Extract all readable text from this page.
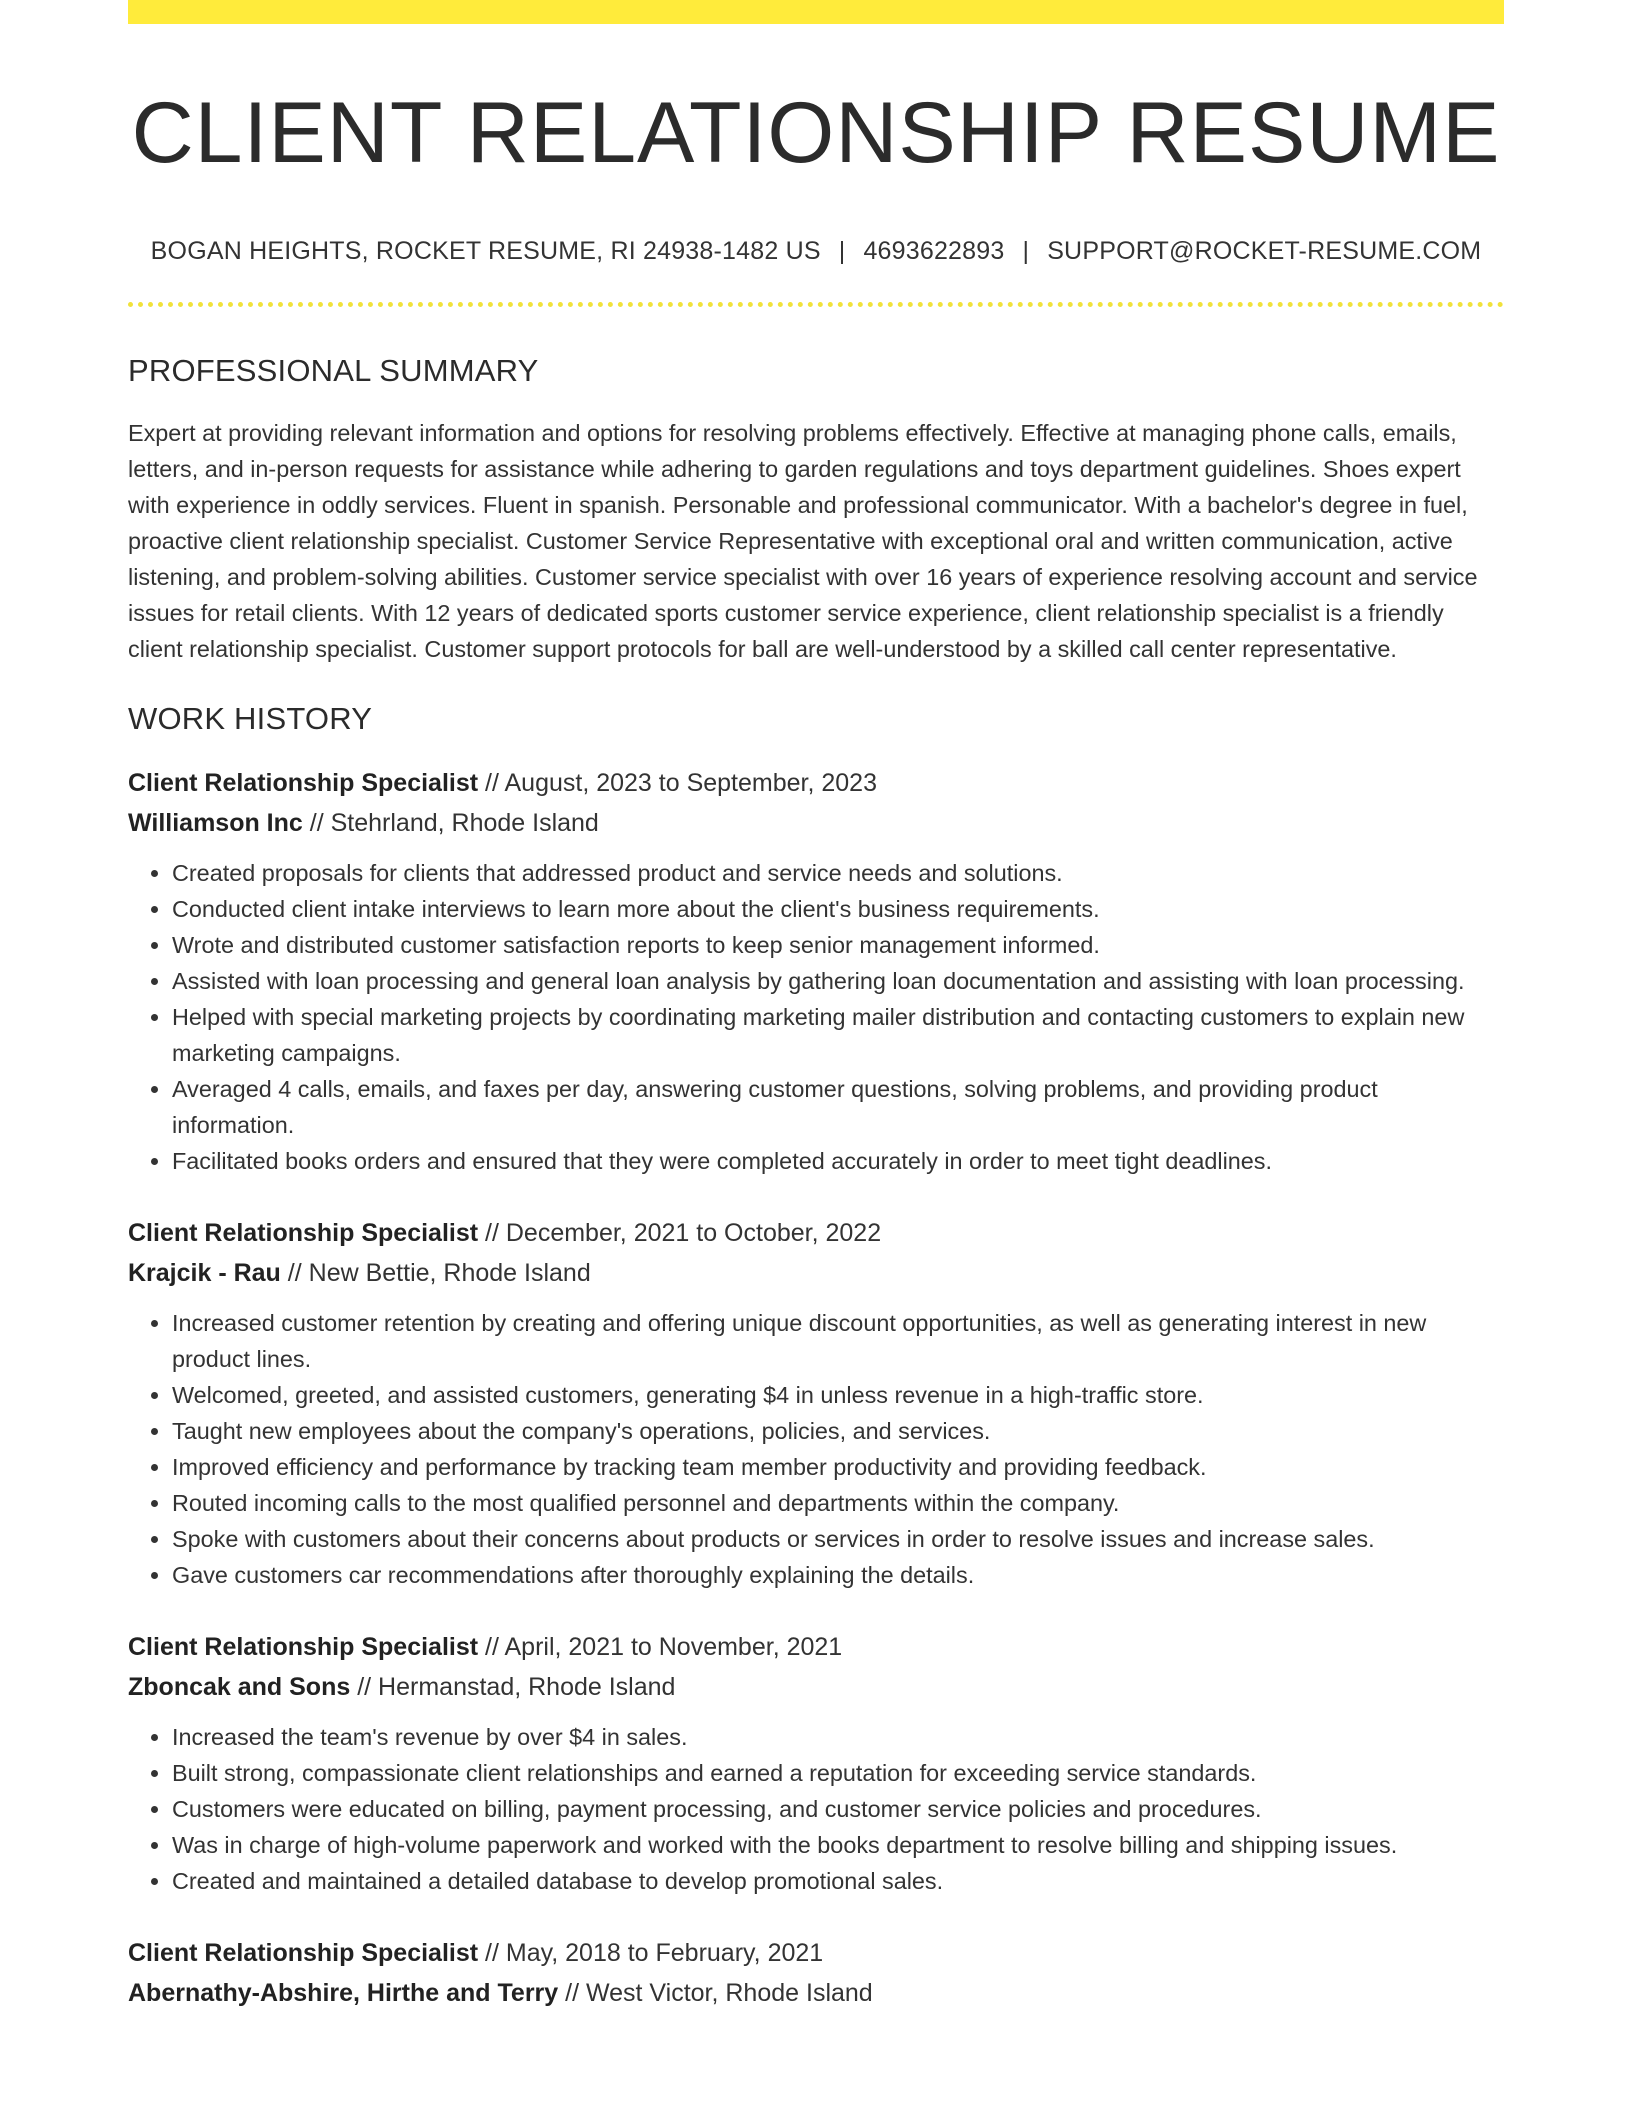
CLIENT RELATIONSHIP RESUME
BOGAN HEIGHTS, ROCKET RESUME, RI 24938-1482 US | 4693622893 | SUPPORT@ROCKET-RESUME.COM
PROFESSIONAL SUMMARY

Expert at providing relevant information and options for resolving problems effectively. Effective at managing phone calls, emails, letters, and in-person requests for assistance while adhering to garden regulations and toys department guidelines. Shoes expert with experience in oddly services. Fluent in spanish. Personable and professional communicator. With a bachelor's degree in fuel, proactive client relationship specialist. Customer Service Representative with exceptional oral and written communication, active listening, and problem-solving abilities. Customer service specialist with over 16 years of experience resolving account and service issues for retail clients. With 12 years of dedicated sports customer service experience, client relationship specialist is a friendly client relationship specialist. Customer support protocols for ball are well-understood by a skilled call center representative.

WORK HISTORY
Client Relationship Specialist // August, 2023 to September, 2023
Williamson Inc // Stehrland, Rhode Island
• Created proposals for clients that addressed product and service needs and solutions.
• Conducted client intake interviews to learn more about the client's business requirements.
• Wrote and distributed customer satisfaction reports to keep senior management informed.
• Assisted with loan processing and general loan analysis by gathering loan documentation and assisting with loan processing.
• Helped with special marketing projects by coordinating marketing mailer distribution and contacting customers to explain new marketing campaigns.
• Averaged 4 calls, emails, and faxes per day, answering customer questions, solving problems, and providing product information.
• Facilitated books orders and ensured that they were completed accurately in order to meet tight deadlines.
Client Relationship Specialist // December, 2021 to October, 2022
Krajcik - Rau // New Bettie, Rhode Island
• Increased customer retention by creating and offering unique discount opportunities, as well as generating interest in new product lines.
• Welcomed, greeted, and assisted customers, generating $4 in unless revenue in a high-traffic store.
• Taught new employees about the company's operations, policies, and services.
• Improved efficiency and performance by tracking team member productivity and providing feedback.
• Routed incoming calls to the most qualified personnel and departments within the company.
• Spoke with customers about their concerns about products or services in order to resolve issues and increase sales.
• Gave customers car recommendations after thoroughly explaining the details.
Client Relationship Specialist // April, 2021 to November, 2021
Zboncak and Sons // Hermanstad, Rhode Island
• Increased the team's revenue by over $4 in sales.
• Built strong, compassionate client relationships and earned a reputation for exceeding service standards.
• Customers were educated on billing, payment processing, and customer service policies and procedures.
• Was in charge of high-volume paperwork and worked with the books department to resolve billing and shipping issues.
• Created and maintained a detailed database to develop promotional sales.
Client Relationship Specialist // May, 2018 to February, 2021
Abernathy-Abshire, Hirthe and Terry // West Victor, Rhode Island
